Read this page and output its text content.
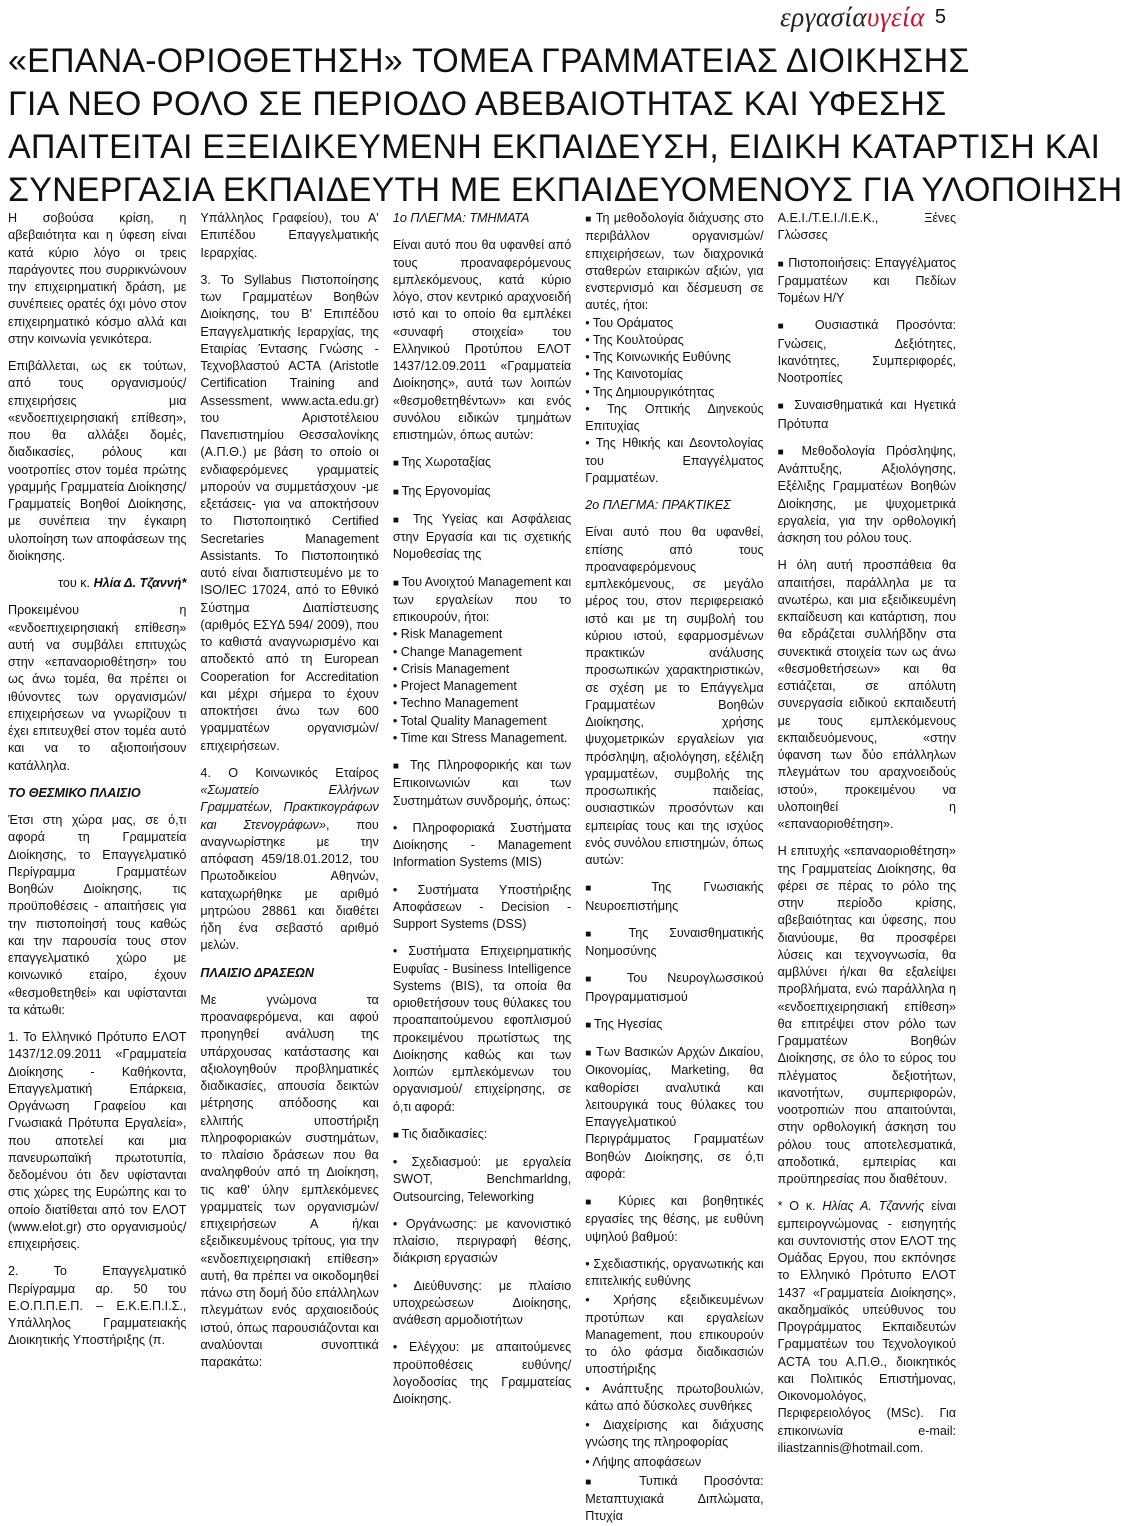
εργασίαυγεία 5
«ΕΠΑΝΑ-ΟΡΙΟΘΕΤΗΣΗ» ΤΟΜΕΑ ΓΡΑΜΜΑΤΕΙΑΣ ΔΙΟΙΚΗΣΗΣ
ΓΙΑ ΝΕΟ ΡΟΛΟ ΣΕ ΠΕΡΙΟΔΟ ΑΒΕΒΑΙΟΤΗΤΑΣ ΚΑΙ ΥΦΕΣΗΣ
ΑΠΑΙΤΕΙΤΑΙ ΕΞΕΙΔΙΚΕΥΜΕΝΗ ΕΚΠΑΙΔΕΥΣΗ, ΕΙΔΙΚΗ ΚΑΤΑΡΤΙΣΗ ΚΑΙ
ΣΥΝΕΡΓΑΣΙΑ ΕΚΠΑΙΔΕΥΤΗ ΜΕ ΕΚΠΑΙΔΕΥΟΜΕΝΟΥΣ ΓΙΑ ΥΛΟΠΟΙΗΣΗ

Η σοβούσα κρίση, η αβεβαιότητα και η ύφεση είναι κατά κύριο λόγο οι τρεις παράγοντες που συρρικνώνουν την επιχειρηματική δράση, με συνέπειες ορατές όχι μόνο στον επιχειρηματικό κόσμο αλλά και στην κοινωνία γενικότερα.

Επιβάλλεται, ως εκ τούτων, από τους οργανισμούς/επιχειρήσεις μια «ενδοεπιχειρησιακή επίθεση», που θα αλλάξει δομές, διαδικασίες, ρόλους και νοοτροπίες στον τομέα πρώτης γραμμής Γραμματεία Διοίκησης/Γραμματείς Βοηθοί Διοίκησης, με συνέπεια την έγκαιρη υλοποίηση των αποφάσεων της διοίκησης.

του κ. Ηλία Δ. Τζαννή*

Προκειμένου η «ενδοεπιχειρησιακή επίθεση» αυτή να συμβάλει επιτυχώς στην «επαναοριοθέτηση» του ως άνω τομέα, θα πρέπει οι ιθύνοντες των οργανισμών/επιχειρήσεων να γνωρίζουν τι έχει επιτευχθεί στον τομέα αυτό και να το αξιοποιήσουν κατάλληλα.

ΤΟ ΘΕΣΜΙΚΟ ΠΛΑΙΣΙΟ

Έτσι στη χώρα μας, σε ό,τι αφορά τη Γραμματεία Διοίκησης, το Επαγγελματικό Περίγραμμα Γραμματέων Βοηθών Διοίκησης, τις προϋποθέσεις - απαιτήσεις για την πιστοποίησή τους καθώς και την παρουσία τους στον επαγγελματικό χώρο με κοινωνικό εταίρο, έχουν «θεσμοθετηθεί» και υφίστανται τα κάτωθι:

1. Το Ελληνικό Πρότυπο ΕΛΟΤ 1437/12.09.2011 «Γραμματεία Διοίκησης - Καθήκοντα, Επαγγελματική Επάρκεια, Οργάνωση Γραφείου και Γνωσιακά Πρότυπα Εργαλεία», που αποτελεί και μια πανευρωπαϊκή πρωτοτυπία, δεδομένου ότι δεν υφίστανται στις χώρες της Ευρώπης και το οποίο διατίθεται από τον ΕΛΟΤ (www.elot.gr) στο οργανισμούς/επιχειρήσεις.

2. Το Επαγγελματικό Περίγραμμα αρ. 50 του Ε.Ο.Π.Π.Ε.Π. – Ε.Κ.Ε.Π.Ι.Σ., Υπάλληλος Γραμματειακής Διοικητικής Υποστήριξης (π.

Υπάλληλος Γραφείου), του Α' Επιπέδου Επαγγελματικής Ιεραρχίας.

3. Το Syllabus Πιστοποίησης των Γραμματέων Βοηθών Διοίκησης, του Β' Επιπέδου Επαγγελματικής Ιεραρχίας, της Εταιρίας Έντασης Γνώσης - Τεχνοβλαστού ACTA (Aristotle Certification Training and Assessment, www.acta.edu.gr) του Αριστοτέλειου Πανεπιστημίου Θεσσαλονίκης (Α.Π.Θ.) με βάση το οποίο οι ενδιαφερόμενες γραμματείς μπορούν να συμμετάσχουν -με εξετάσεις- για να αποκτήσουν το Πιστοποιητικό Certified Secretaries Management Assistants. Το Πιστοποιητικό αυτό είναι διαπιστευμένο με το ISO/IEC 17024, από το Εθνικό Σύστημα Διαπίστευσης (αριθμός ΕΣΥΔ 594/ 2009), που το καθιστά αναγνωρισμένο και αποδεκτό από τη European Cooperation for Accreditation και μέχρι σήμερα το έχουν αποκτήσει άνω των 600 γραμματέων οργανισμών/επιχειρήσεων.

4. Ο Κοινωνικός Εταίρος «Σωματείο Ελλήνων Γραμματέων, Πρακτικογράφων και Στενογράφων», που αναγνωρίστηκε με την απόφαση 459/18.01.2012, του Πρωτοδικείου Αθηνών, καταχωρήθηκε με αριθμό μητρώου 28861 και διαθέτει ήδη ένα σεβαστό αριθμό μελών.

ΠΛΑΙΣΙΟ ΔΡΑΣΕΩΝ

Με γνώμονα τα προαναφερόμενα, και αφού προηγηθεί ανάλυση της υπάρχουσας κατάστασης και αξιολογηθούν προβληματικές διαδικασίες, απουσία δεικτών μέτρησης απόδοσης και ελλιπής υποστήριξη πληροφοριακών συστημάτων, το πλαίσιο δράσεων που θα αναληφθούν από τη Διοίκηση, τις καθ' ύλην εμπλεκόμενες γραμματείς των οργανισμών/επιχειρήσεων Α ή/και εξειδικευμένους τρίτους, για την «ενδοεπιχειρησιακή επίθεση» αυτή, θα πρέπει να οικοδομηθεί πάνω στη δομή δύο επάλληλων πλεγμάτων ενός αρχαιοειδούς ιστού, όπως παρουσιάζονται και αναλύονται συνοπτικά παρακάτω:

1ο ΠΛΕΓΜΑ: ΤΜΗΜΑΤΑ

Είναι αυτό που θα υφανθεί από τους προαναφερόμενους εμπλεκόμενους, κατά κύριο λόγο, στον κεντρικό αραχνοειδή ιστό και το οποίο θα εμπλέκει «συναφή στοιχεία» του Ελληνικού Προτύπου ΕΛΟΤ 1437/12.09.2011 «Γραμματεία Διοίκησης», αυτά των λοιπών «θεσμοθετηθέντων» και ενός συνόλου ειδικών τμημάτων επιστημών, όπως αυτών:

■ Της Χωροταξίας

■ Της Εργονομίας

■ Της Υγείας και Ασφάλειας στην Εργασία και τις σχετικής Νομοθεσίας της

■ Του Ανοιχτού Management και των εργαλείων που το επικουρούν, ήτοι:

• Risk Management
• Change Management
• Crisis Management
• Project Management
• Techno Management
• Total Quality Management
• Time και Stress Management.

■ Της Πληροφορικής και των Επικοινωνιών και των Συστημάτων συνδρομής, όπως:

• Πληροφοριακά Συστήματα Διοίκησης - Management Information Systems (MIS)

• Συστήματα Υποστήριξης Αποφάσεων - Decision - Support Systems (DSS)

• Συστήματα Επιχειρηματικής Ευφυΐας - Business Intelligence Systems (BIS), τα οποία θα οριοθετήσουν τους θύλακες του προαπαιτούμενου εφοπλισμού προκειμένου πρωτίστως της Διοίκησης καθώς και των λοιπών εμπλεκόμενων του οργανισμού/ επιχείρησης, σε ό,τι αφορά:

■ Τις διαδικασίες:

• Σχεδιασμού: με εργαλεία SWOT, Benchmarldng, Outsourcing, Teleworking

• Οργάνωσης: με κανονιστικό πλαίσιο, περιγραφή θέσης, διάκριση εργασιών

• Διεύθυνσης: με πλαίσιο υποχρεώσεων Διοίκησης, ανάθεση αρμοδιοτήτων

• Ελέγχου: με απαιτούμενες προϋποθέσεις ευθύνης/λογοδοσίας της Γραμματείας Διοίκησης.

■ Τη μεθοδολογία διάχυσης στο περιβάλλον οργανισμών/επιχειρήσεων, των διαχρονικά σταθερών εταιρικών αξιών, για ενστερνισμό και δέσμευση σε αυτές, ήτοι:

• Του Οράματος
• Της Κουλτούρας
• Της Κοινωνικής Ευθύνης
• Της Καινοτομίας
• Της Δημιουργικότητας

• Της Οπτικής Διηνεκούς Επιτυχίας

• Της Ηθικής και Δεοντολογίας του Επαγγέλματος Γραμματέων.

2ο ΠΛΕΓΜΑ: ΠΡΑΚΤΙΚΕΣ

Είναι αυτό που θα υφανθεί, επίσης από τους προαναφερόμενους εμπλεκόμενους, σε μεγάλο μέρος του, στον περιφερειακό ιστό και με τη συμβολή του κύριου ιστού, εφαρμοσμένων πρακτικών ανάλυσης προσωπικών χαρακτηριστικών, σε σχέση με το Επάγγελμα Γραμματέων Βοηθών Διοίκησης, χρήσης ψυχομετρικών εργαλείων για πρόσληψη, αξιολόγηση, εξέλιξη γραμματέων, συμβολής της προσωπικής παιδείας, ουσιαστικών προσόντων και εμπειρίας τους και της ισχύος ενός συνόλου επιστημών, όπως αυτών:

■ Της Γνωσιακής Νευροεπιστήμης

■ Της Συναισθηματικής Νοημοσύνης

■ Του Νευρογλωσσικού Προγραμματισμού

■ Της Ηγεσίας

■ Των Βασικών Αρχών Δικαίου, Οικονομίας, Marketing, θα καθορίσει αναλυτικά και λειτουργικά τους θύλακες του Επαγγελματικού Περιγράμματος Γραμματέων Βοηθών Διοίκησης, σε ό,τι αφορά:

■ Κύριες και βοηθητικές εργασίες της θέσης, με ευθύνη υψηλού βαθμού:

• Σχεδιαστικής, οργανωτικής και επιτελικής ευθύνης

• Χρήσης εξειδικευμένων προτύπων και εργαλείων Management, που επικουρούν το όλο φάσμα διαδικασιών υποστήριξης

• Ανάπτυξης πρωτοβουλιών, κάτω από δύσκολες συνθήκες

• Διαχείρισης και διάχυσης γνώσης της πληροφορίας

• Λήψης αποφάσεων

■ Τυπικά Προσόντα: Μεταπτυχιακά Διπλώματα, Πτυχία

Α.Ε.Ι./Τ.Ε.Ι./Ι.Ε.Κ., Ξένες Γλώσσες

■ Πιστοποιήσεις: Επαγγέλματος Γραμματέων και Πεδίων Τομέων Η/Υ

■ Ουσιαστικά Προσόντα: Γνώσεις, Δεξιότητες, Ικανότητες, Συμπεριφορές, Νοοτροπίες

■ Συναισθηματικά και Ηγετικά Πρότυπα

■ Μεθοδολογία Πρόσληψης, Ανάπτυξης, Αξιολόγησης, Εξέλιξης Γραμματέων Βοηθών Διοίκησης, με ψυχομετρικά εργαλεία, για την ορθολογική άσκηση του ρόλου τους.

Η όλη αυτή προσπάθεια θα απαιτήσει, παράλληλα με τα ανωτέρω, και μια εξειδικευμένη εκπαίδευση και κατάρτιση, που θα εδράζεται συλλήβδην στα συνεκτικά στοιχεία των ως άνω «θεσμοθετήσεων» και θα εστιάζεται, σε απόλυτη συνεργασία ειδικού εκπαιδευτή με τους εμπλεκόμενους εκπαιδευόμενους, «στην ύφανση των δύο επάλληλων πλεγμάτων του αραχνοειδούς ιστού», προκειμένου να υλοποιηθεί η «επαναοριοθέτηση».

Η επιτυχής «επαναοριοθέτηση» της Γραμματείας Διοίκησης, θα φέρει σε πέρας το ρόλο της στην περίοδο κρίσης, αβεβαιότητας και ύφεσης, που διανύουμε, θα προσφέρει λύσεις και τεχνογνωσία, θα αμβλύνει ή/και θα εξαλείψει προβλήματα, ενώ παράλληλα η «ενδοεπιχειρησιακή επίθεση» θα επιτρέψει στον ρόλο των Γραμματέων Βοηθών Διοίκησης, σε όλο το εύρος του πλέγματος δεξιοτήτων, ικανοτήτων, συμπεριφορών, νοοτροπιών που απαιτούνται, στην ορθολογική άσκηση του ρόλου τους αποτελεσματικά, αποδοτικά, εμπειρίας και προϋπηρεσίας που διαθέτουν.

* Ο κ. Ηλίας Α. Τζαννής είναι εμπειρογνώμονας - εισηγητής και συντονιστής στον ΕΛΟΤ της Ομάδας Εργου, που εκπόνησε το Ελληνικό Πρότυπο ΕΛΟΤ 1437 «Γραμματεία Διοίκησης», ακαδημαϊκός υπεύθυνος του Προγράμματος Εκπαιδευτών Γραμματέων του Τεχνολογικού ACTA του Α.Π.Θ., διοικητικός και Πολιτικός Επιστήμονας, Οικονομολόγος, Περιφερειολόγος (MSc). Για επικοινωνία e-mail: iliastzannis@hotmail.com.
